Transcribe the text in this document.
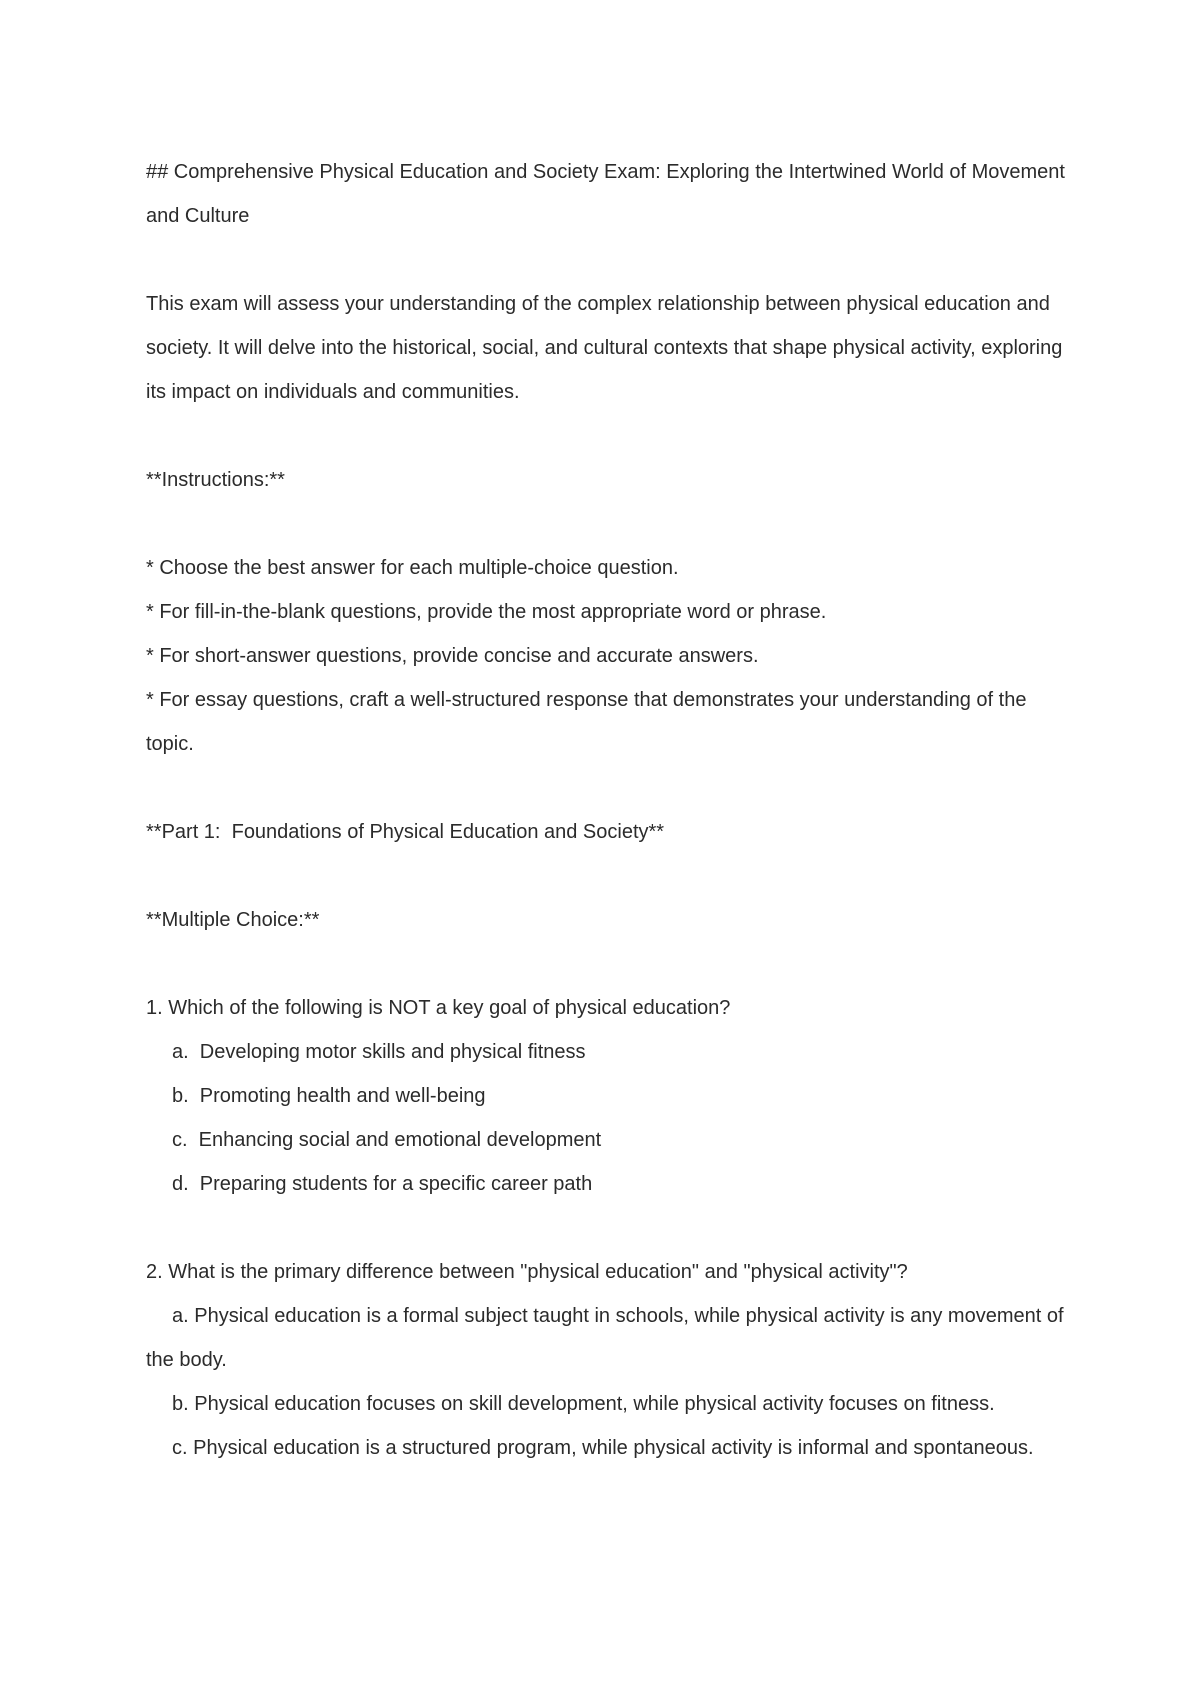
## Comprehensive Physical Education and Society Exam: Exploring the Intertwined World of Movement and Culture

This exam will assess your understanding of the complex relationship between physical education and society. It will delve into the historical, social, and cultural contexts that shape physical activity, exploring its impact on individuals and communities.

**Instructions:**

* Choose the best answer for each multiple-choice question.

* For fill-in-the-blank questions, provide the most appropriate word or phrase.

* For short-answer questions, provide concise and accurate answers.

* For essay questions, craft a well-structured response that demonstrates your understanding of the topic.

**Part 1:  Foundations of Physical Education and Society**

**Multiple Choice:**

1. Which of the following is NOT a key goal of physical education?

a.  Developing motor skills and physical fitness

b.  Promoting health and well-being

c.  Enhancing social and emotional development

d.  Preparing students for a specific career path

2. What is the primary difference between "physical education" and "physical activity"?

a. Physical education is a formal subject taught in schools, while physical activity is any movement of the body.

b. Physical education focuses on skill development, while physical activity focuses on fitness.

c. Physical education is a structured program, while physical activity is informal and spontaneous.
